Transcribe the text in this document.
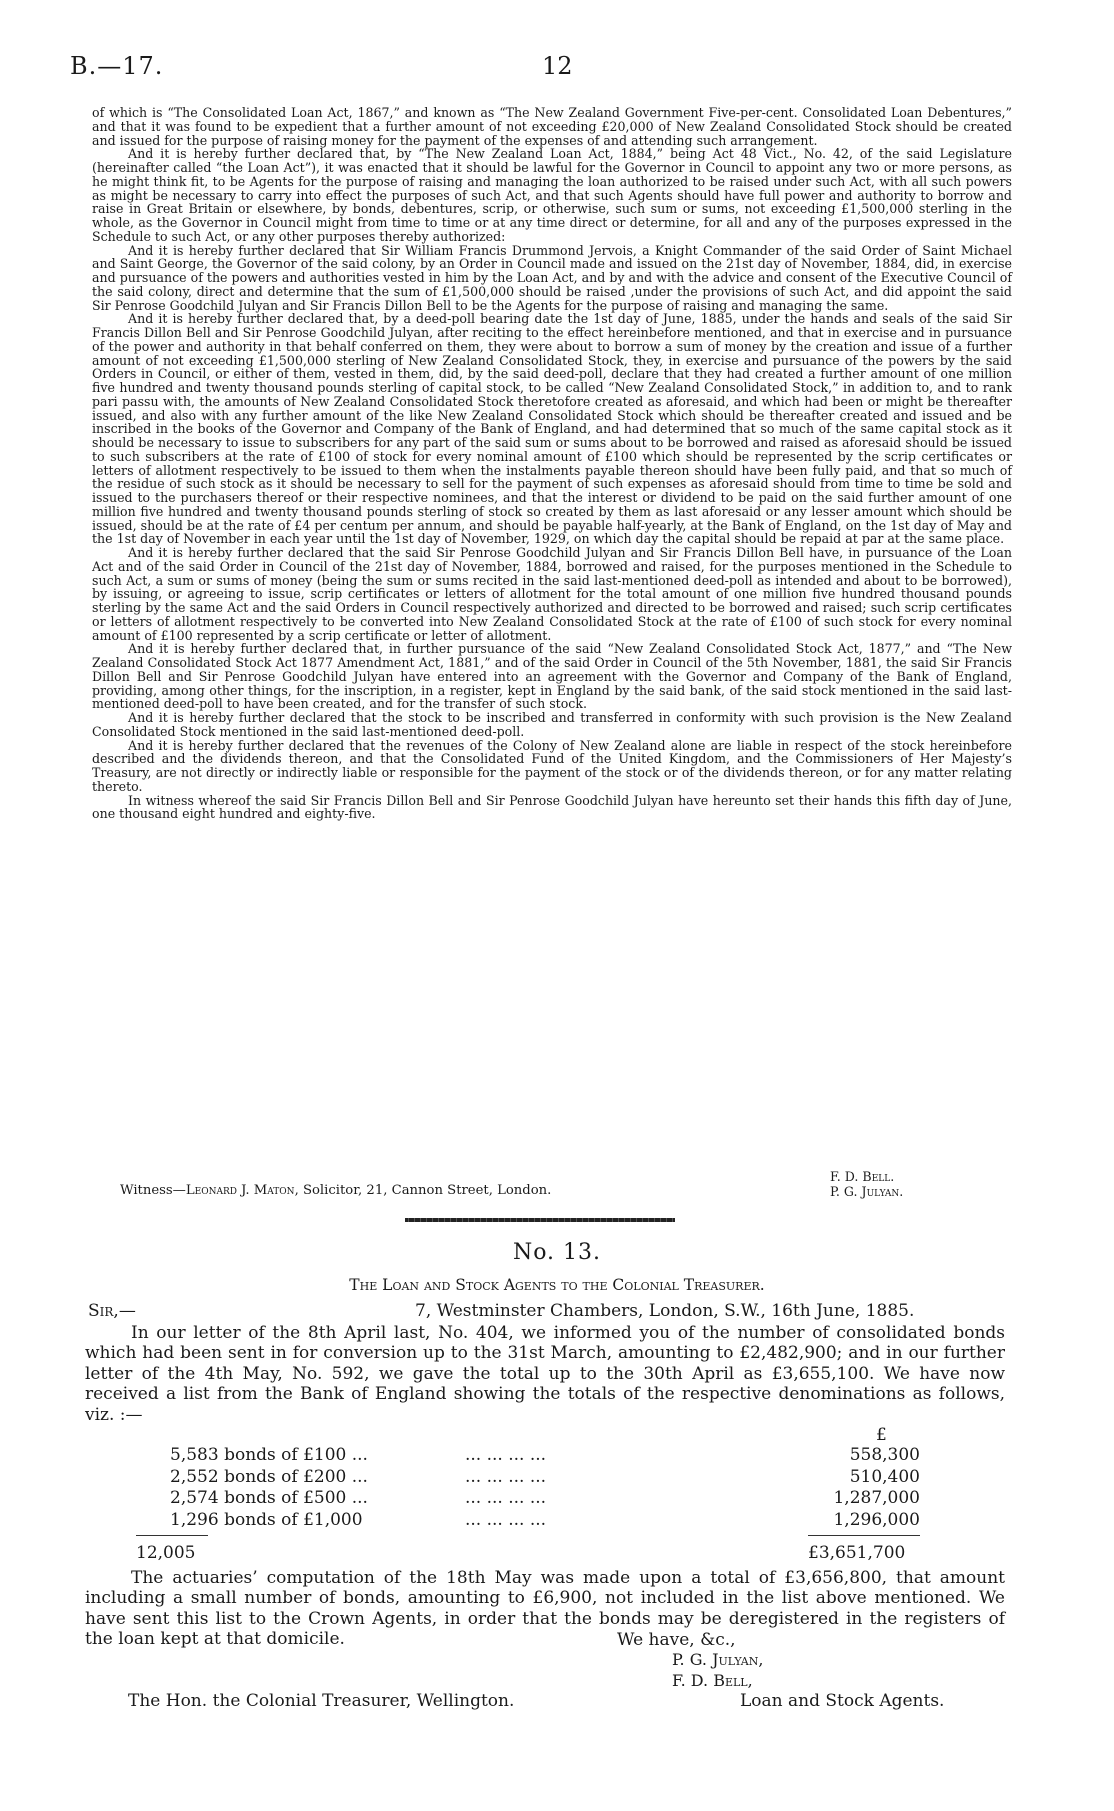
B.—17.	12

of which is “The Consolidated Loan Act, 1867,” and known as “The New Zealand Government Five-per-cent. Consolidated Loan Debentures,” and that it was found to be expedient that a further amount of not exceeding £20,000 of New Zealand Consolidated Stock should be created and issued for the purpose of raising money for the payment of the expenses of and attending such arrangement.

And it is hereby further declared that, by “The New Zealand Loan Act, 1884,” being Act 48 Vict., No. 42, of the said Legislature (hereinafter called “the Loan Act”), it was enacted that it should be lawful for the Governor in Council to appoint any two or more persons, as he might think fit, to be Agents for the purpose of raising and managing the loan authorized to be raised under such Act, with all such powers as might be necessary to carry into effect the purposes of such Act, and that such Agents should have full power and authority to borrow and raise in Great Britain or elsewhere, by bonds, debentures, scrip, or otherwise, such sum or sums, not exceeding £1,500,000 sterling in the whole, as the Governor in Council might from time to time or at any time direct or determine, for all and any of the purposes expressed in the Schedule to such Act, or any other purposes thereby authorized:

And it is hereby further declared that Sir William Francis Drummond Jervois, a Knight Commander of the said Order of Saint Michael and Saint George, the Governor of the said colony, by an Order in Council made and issued on the 21st day of November, 1884, did, in exercise and pursuance of the powers and authorities vested in him by the Loan Act, and by and with the advice and consent of the Executive Council of the said colony, direct and determine that the sum of £1,500,000 should be raised ,under the provisions of such Act, and did appoint the said Sir Penrose Goodchild Julyan and Sir Francis Dillon Bell to be the Agents for the purpose of raising and managing the same.

And it is hereby further declared that, by a deed-poll bearing date the 1st day of June, 1885, under the hands and seals of the said Sir Francis Dillon Bell and Sir Penrose Goodchild Julyan, after reciting to the effect hereinbefore mentioned, and that in exercise and in pursuance of the power and authority in that behalf conferred on them, they were about to borrow a sum of money by the creation and issue of a further amount of not exceeding £1,500,000 sterling of New Zealand Consolidated Stock, they, in exercise and pursuance of the powers by the said Orders in Council, or either of them, vested in them, did, by the said deed-poll, declare that they had created a further amount of one million five hundred and twenty thousand pounds sterling of capital stock, to be called “New Zealand Consolidated Stock,” in addition to, and to rank pari passu with, the amounts of New Zealand Consolidated Stock theretofore created as aforesaid, and which had been or might be thereafter issued, and also with any further amount of the like New Zealand Consolidated Stock which should be thereafter created and issued and be inscribed in the books of the Governor and Company of the Bank of England, and had determined that so much of the same capital stock as it should be necessary to issue to subscribers for any part of the said sum or sums about to be borrowed and raised as aforesaid should be issued to such subscribers at the rate of £100 of stock for every nominal amount of £100 which should be represented by the scrip certificates or letters of allotment respectively to be issued to them when the instalments payable thereon should have been fully paid, and that so much of the residue of such stock as it should be necessary to sell for the payment of such expenses as aforesaid should from time to time be sold and issued to the purchasers thereof or their respective nominees, and that the interest or dividend to be paid on the said further amount of one million five hundred and twenty thousand pounds sterling of stock so created by them as last aforesaid or any lesser amount which should be issued, should be at the rate of £4 per centum per annum, and should be payable half-yearly, at the Bank of England, on the 1st day of May and the 1st day of November in each year until the 1st day of November, 1929, on which day the capital should be repaid at par at the same place.

And it is hereby further declared that the said Sir Penrose Goodchild Julyan and Sir Francis Dillon Bell have, in pursuance of the Loan Act and of the said Order in Council of the 21st day of November, 1884, borrowed and raised, for the purposes mentioned in the Schedule to such Act, a sum or sums of money (being the sum or sums recited in the said last-mentioned deed-poll as intended and about to be borrowed), by issuing, or agreeing to issue, scrip certificates or letters of allotment for the total amount of one million five hundred thousand pounds sterling by the same Act and the said Orders in Council respectively authorized and directed to be borrowed and raised; such scrip certificates or letters of allotment respectively to be converted into New Zealand Consolidated Stock at the rate of £100 of such stock for every nominal amount of £100 represented by a scrip certificate or letter of allotment.

And it is hereby further declared that, in further pursuance of the said “New Zealand Consolidated Stock Act, 1877,” and “The New Zealand Consolidated Stock Act 1877 Amendment Act, 1881,” and of the said Order in Council of the 5th November, 1881, the said Sir Francis Dillon Bell and Sir Penrose Goodchild Julyan have entered into an agreement with the Governor and Company of the Bank of England, providing, among other things, for the inscription, in a register, kept in England by the said bank, of the said stock mentioned in the said last-mentioned deed-poll to have been created, and for the transfer of such stock.

And it is hereby further declared that the stock to be inscribed and transferred in conformity with such provision is the New Zealand Consolidated Stock mentioned in the said last-mentioned deed-poll.

And it is hereby further declared that the revenues of the Colony of New Zealand alone are liable in respect of the stock hereinbefore described and the dividends thereon, and that the Consolidated Fund of the United Kingdom, and the Commissioners of Her Majesty’s Treasury, are not directly or indirectly liable or responsible for the payment of the stock or of the dividends thereon, or for any matter relating thereto.

In witness whereof the said Sir Francis Dillon Bell and Sir Penrose Goodchild Julyan have hereunto set their hands this fifth day of June, one thousand eight hundred and eighty-five.

F. D. Bell.
P. G. Julyan.
Witness—Leonard J. Maton, Solicitor, 21, Cannon Street, London.
No. 13.
The Loan and Stock Agents to the Colonial Treasurer.
Sir,—	7, Westminster Chambers, London, S.W., 16th June, 1885.

In our letter of the 8th April last, No. 404, we informed you of the number of consolidated bonds which had been sent in for conversion up to the 31st March, amounting to £2,482,900; and in our further letter of the 4th May, No. 592, we gave the total up to the 30th April as £3,655,100. We have now received a list from the Bank of England showing the totals of the respective denominations as follows, viz. :—

£
5,583 bonds of £100 ...	... ... ... ...	558,300
2,552 bonds of £200 ...	... ... ... ...	510,400
2,574 bonds of £500 ...	... ... ... ...	1,287,000
1,296 bonds of £1,000	... ... ... ...	1,296,000
12,005	£3,651,700

The actuaries’ computation of the 18th May was made upon a total of £3,656,800, that amount including a small number of bonds, amounting to £6,900, not included in the list above mentioned. We have sent this list to the Crown Agents, in order that the bonds may be deregistered in the registers of the loan kept at that domicile.	We have, &c.,
P. G. Julyan,
F. D. Bell,
The Hon. the Colonial Treasurer, Wellington.	Loan and Stock Agents.
